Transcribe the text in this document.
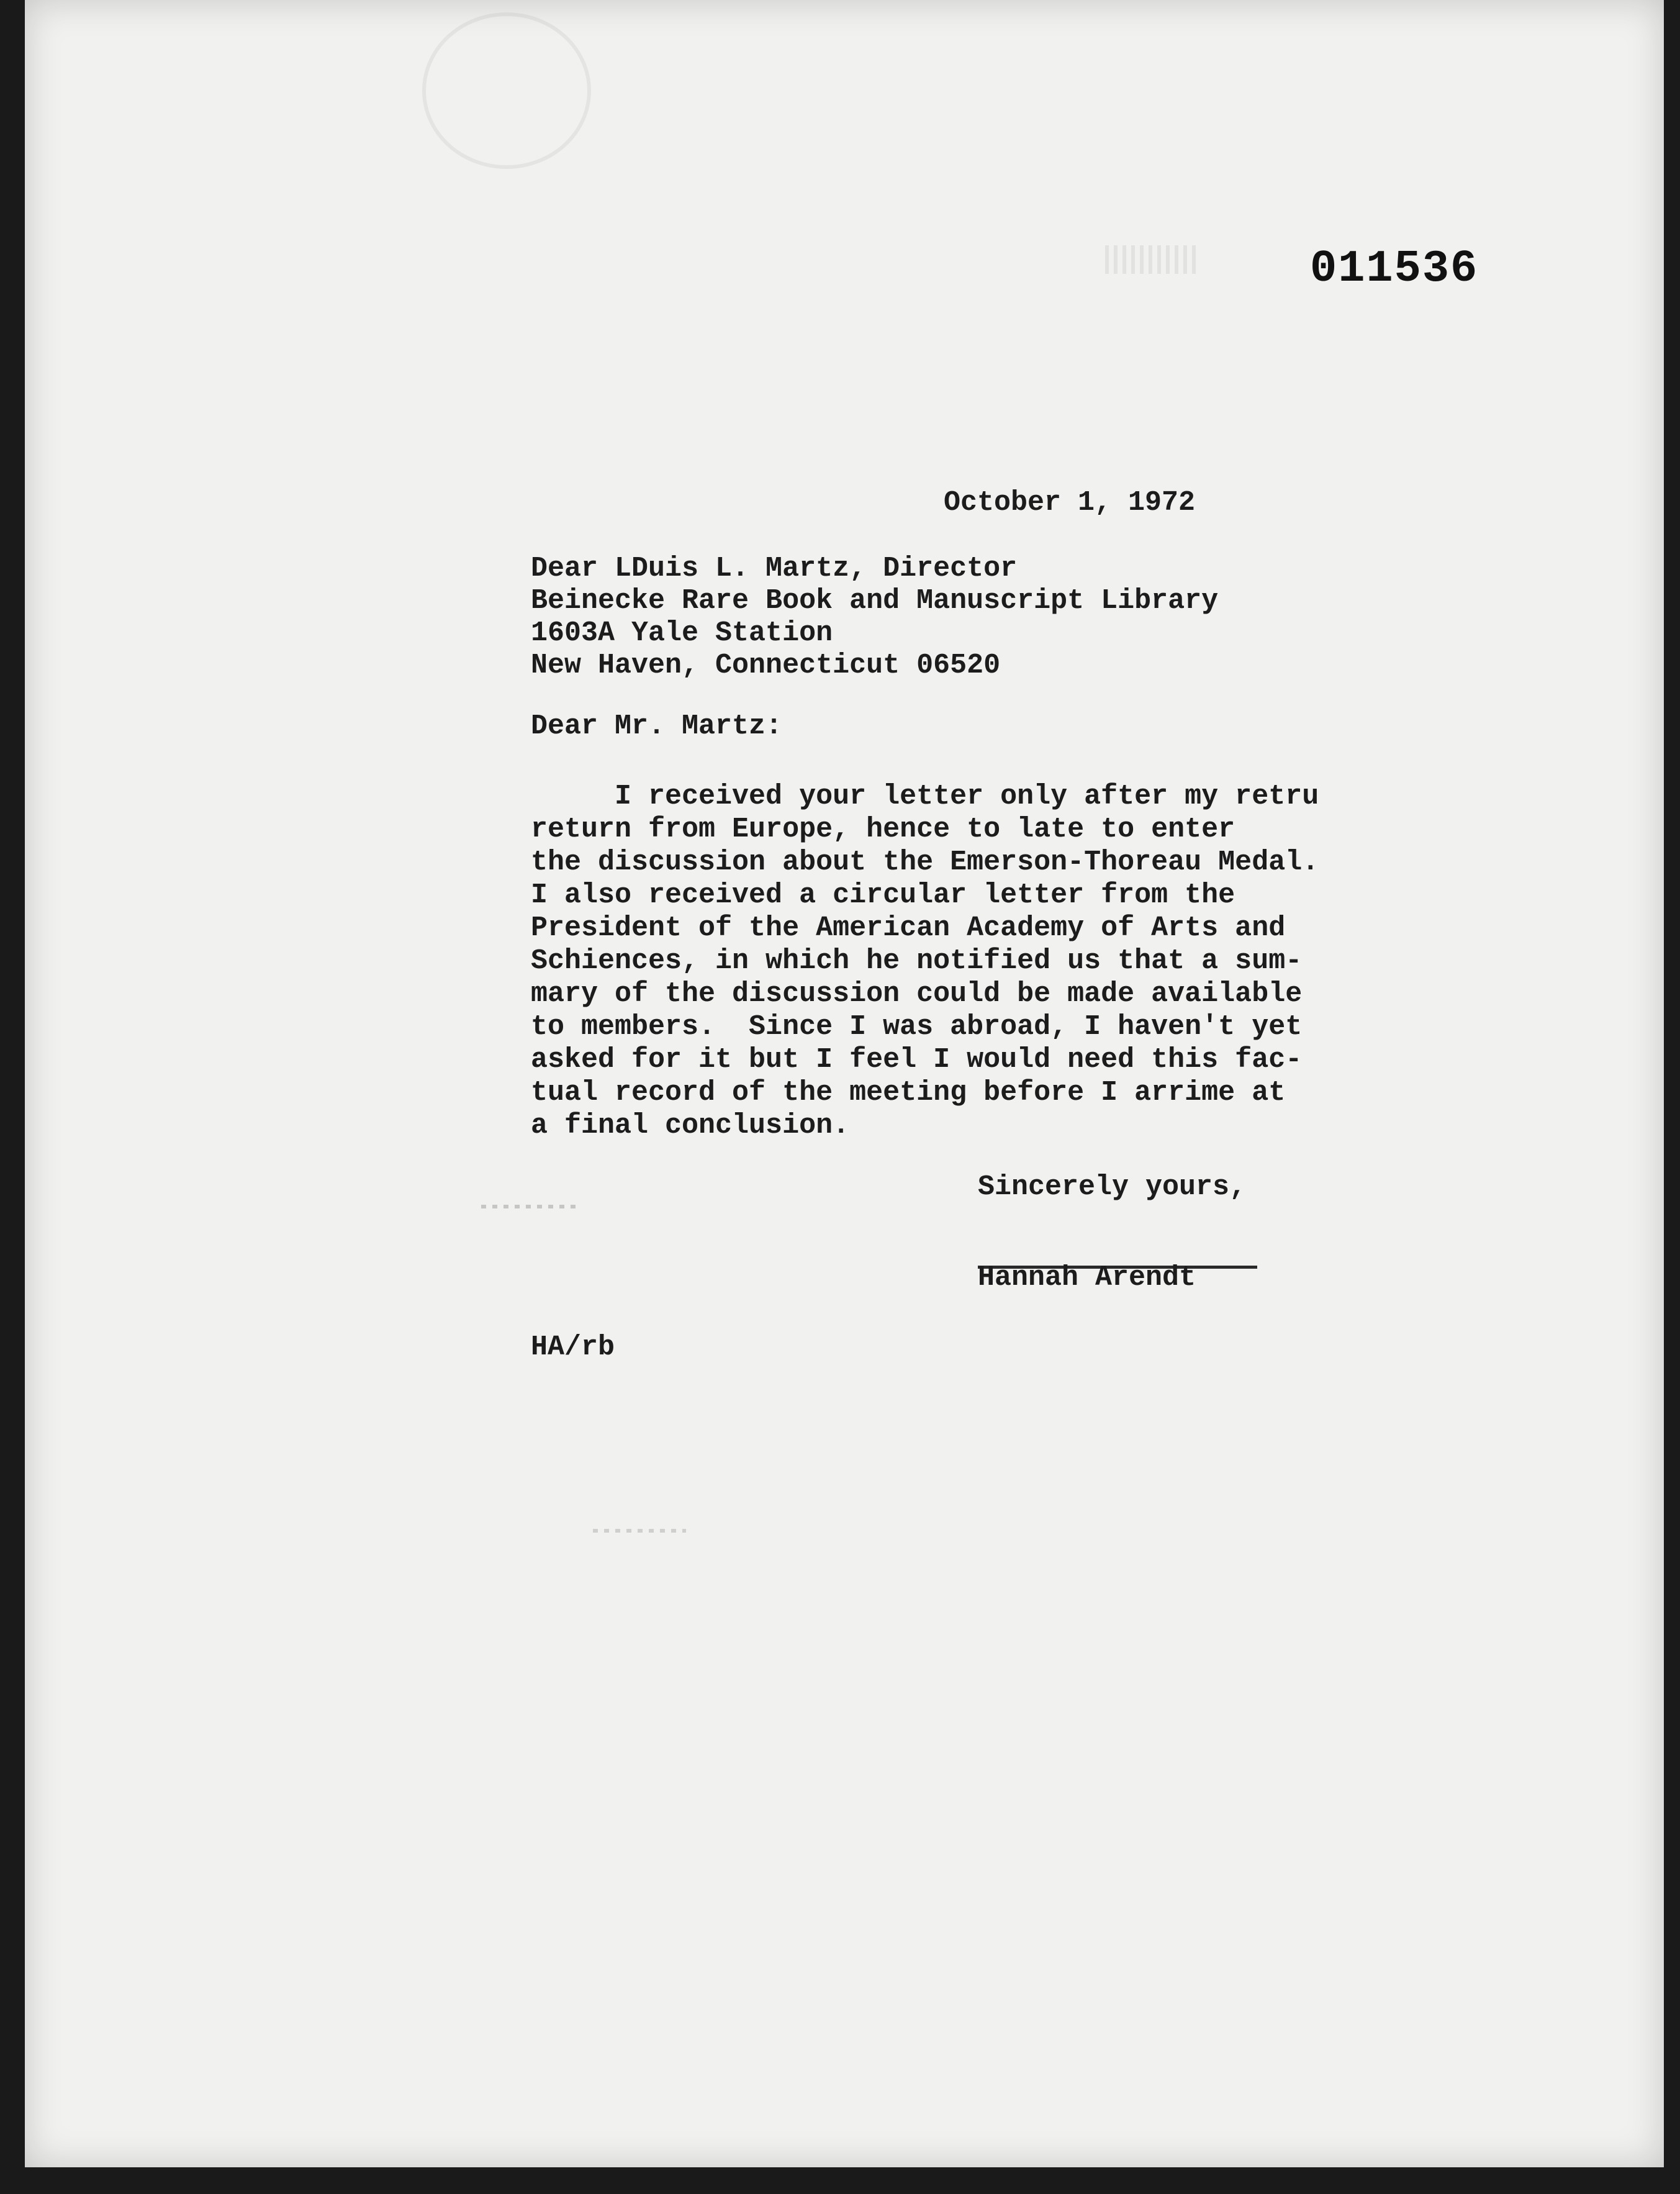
011536

October 1, 1972

Dear LDuis L. Martz, Director
Beinecke Rare Book and Manuscript Library
1603A Yale Station
New Haven, Connecticut 06520

Dear Mr. Martz:

I received your letter only after my retru
return from Europe, hence to late to enter
the discussion about the Emerson-Thoreau Medal.
I also received a circular letter from the
President of the American Academy of Arts and
Schiences, in which he notified us that a sum-
mary of the discussion could be made available
to members.  Since I was abroad, I haven't yet
asked for it but I feel I would need this fac-
tual record of the meeting before I arrime at
a final conclusion.

Sincerely yours,

Hannah Arendt

HA/rb
